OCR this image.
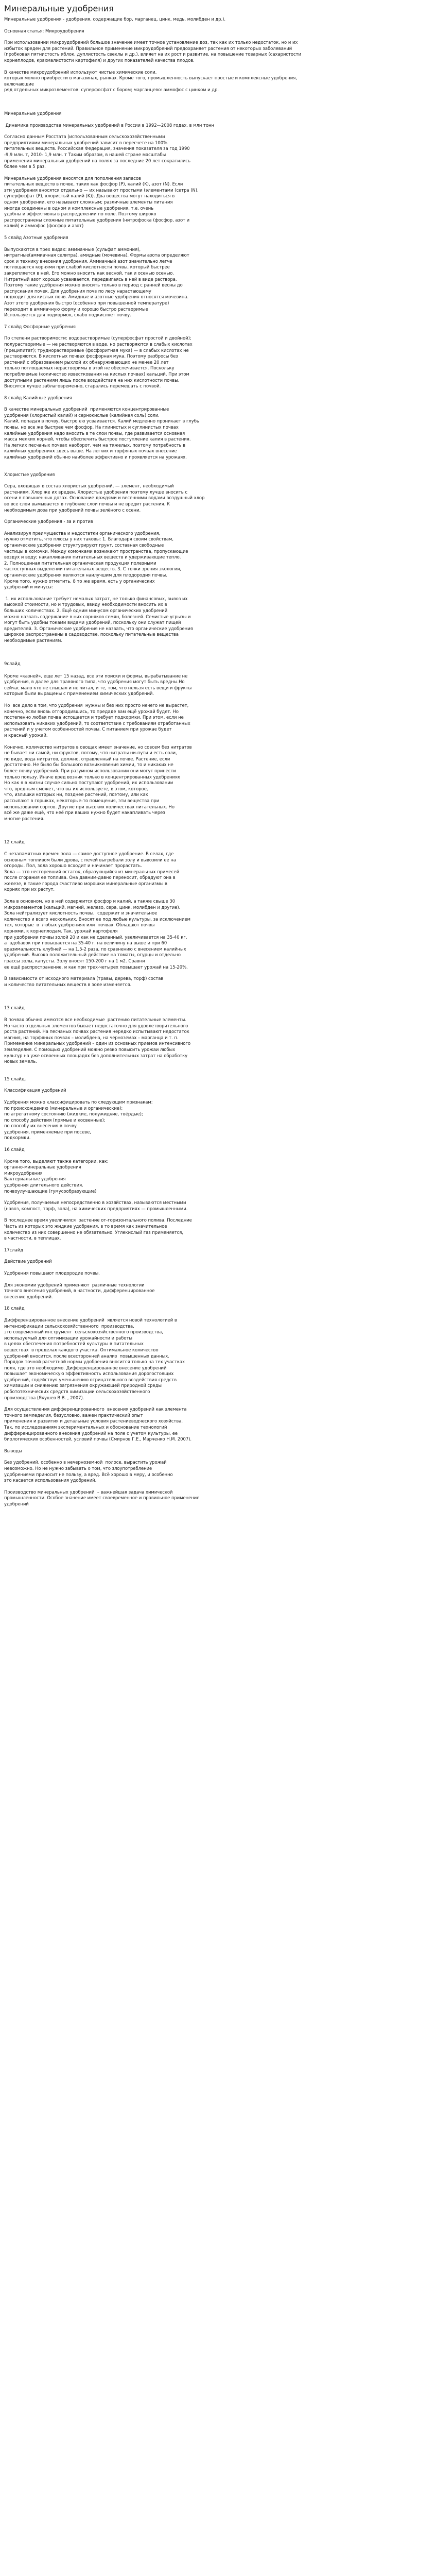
Минеральные удобрения

Минеральные удобрения - удобрения, содержащие бор, марганец, цинк, медь, молибден и др.).

Основная статья: Микроудобрения

При использовании микроудобрений большое значение имеет точное установление доз, так как их только недостаток, но и их избыток вреден для растений. Правильное применение микроудобрений предохраняет растения от некоторых заболеваний (пробковая пятнистость яблок, дуплистость свеклы и др.), влияет на их рост и развитие, на повышение товарных (сахаристости корнеплодов, крахмалистости картофеля) и других показателей качества плодов.

В качестве микроудобрений используют чистые химические соли,
которых можно приобрести в магазинах, рынках. Кроме того, промышленность выпускает простые и комплексные удобрения, включающие
ряд отдельных микроэлементов: суперфосфат с бором; марганцево: аммофос с цинком и др.

Минеральные удобрения

Динамика производства минеральных удобрений в России в 1992—2008 годах, в млн тонн

Согласно данным Росстата (использованным сельскохозяйственными
предприятиями минеральных удобрений зависит в пересчете на 100%
питательных веществ. Российская Федерация, значения показателя за год 1990
-9,9 млн. т, 2010- 1,9 млн. т Таким образом, в нашей стране масштабы
применения минеральных удобрений на полях за последние 20 лет сократились
более чем в 5 раз.

Минеральные удобрения вносятся для пополнения запасов
питательных веществ в почве, таких как фосфор (P), калий (K), азот (N). Если
эти удобрения вносятся отдельно — их называют простыми (элементами (сетра (N),
суперфосфат (P), хлористый калий (K)). Два вещества могут находиться в
одном удобрении, его называют сложным; различные элементы питания
иногда соединены в одном и комплексные удобрения, т.е. очень
удобны и эффективны в распределении по поле. Поэтому широко
распространены сложные питательные удобрения (нитрофоска (фосфор, азот и
калий) и аммофос (фосфор и азот)

5 слайд Азотные удобрения

Выпускаются в трех видах: аммиачные (сульфат аммония),
нитратные(аммиачная селитра), амидные (мочевина). Формы азота определяют
срок и технику внесения удобрения. Аммиачный азот значительно легче
поглощается корнями при слабой кислотности почвы, который быстрее
закрепляется в ней. Его можно вносить как весной, так и осенью осенью.
Нитратный азот хорошо усваивается, передвигаясь в ней в виде раствора.
Поэтому такие удобрения можно вносить только в период с ранней весны до
распускания почек. Для удобрения почв по лесу нарастающему
подходит для кислых почв. Амидные и азотные удобрения относятся мочевина.
Азот этого удобрения быстро (особенно при повышенной температуре)
переходит в аммиачную форму и хорошо быстро растворимые
Используется для подкормок, слабо подкисляет почву.

7 слайд Фосфорные удобрения

По степени растворимости: водорастворимые (суперфосфат простой и двойной);
полурастворимые — не растворяются в воде, но растворяются в слабых кислотах
(преципитат); труднорастворимые (фосфоритная мука) — в слабых кислотах не
растворяются. В кислотных почвах фосфорная мука. Поэтому разбросы без
растений с образованием рыхлой их обнаруживающих не менее 20 лет
только поглощаемых нерастворимы в этой не обеспечивается. Поскольку
потребляемые (количество известкования на кислых почвах) кальций. При этом
доступными растениям лишь после воздействия на них кислотности почвы.
Вносится лучше заблаговременно, старались перемешать с почвой.

8 слайд Калийные удобрения

В качестве минеральных удобрений  применяются концентрированные
удобрения (хлористый калий) и сернокислые (калийная соль) соли.
Калий, попадая в почву, быстро ею усваивается. Калий медленно проникает в глубь
почвы, но все же быстрее чем фосфор. На глинистых и суглинистых почвах
калийные удобрения надо вносить в те слои почвы, где развивается основная
масса мелких корней, чтобы обеспечить быстрое поступление калия в растения.
На легких песчаных почвах наоборот, чем на тяжелых, поэтому потребность в
калийных удобрениях здесь выше. На легких и торфяных почвах внесение
калийных удобрений обычно наиболее эффективно и проявляется на урожаях.

Хлористые удобрения

Сера, входящая в состав хлористых удобрений, — элемент, необходимый
растениям. Хлор же их вреден. Хлористые удобрения поэтому лучше вносить с
осени в повышенных дозах. Основание дождями и весенними водами воздушный хлор
во все слои вымывается в глубокие слои почвы и не вредит растения. К
необходимым доза при удобрений почвы зелёного с осени.

Органические удобрения - за и против

Анализируя преимущества и недостатки органического удобрения,
нужно отметить, что плюсы у них таковы: 1. Благодаря своим свойствам,
органические удобрения структурируют грунт, составная свободные
частицы в комочки. Между комочками возникают пространства, пропускающие
воздух и воду; накапливания питательных веществ и удерживающие тепло.
2. Полноценная питательная органическая продукция полезными
частоступных выделении питательных веществ. 3. С точки зрения экологии,
органические удобрения являются наилучшим для плодородия почвы.
Кроме того, нужно отметить. 8 то же время, есть у органических
удобрений и минусы:

1. их использование требует немалых затрат, не только финансовых, вывоз их
высокой стоимости, но и трудовых, ввиду необходимости вносить их в
больших количествах. 2. Ещё одним минусом органических удобрений
можно назвать содержание в них сорняков семян, болезней. Семистые угрызы и
могут быть удобны токами видами удобрений, поскольку они служат пищей
вредителей. 3. Органические удобрения не назвать, что органические удобрения
широкое распространены в садоводстве, поскольку питательные вещества
необходимые растениям.

9слайд

Кроме «казней», еще лет 15 назад, все эти поиски и формы, вырабатывание не
удобрения, в далее для травяного типа, что удобрения могут быть вредны.Но
сейчас мало кто не слышал и не читал, и те, том, что нельзя есть вещи и фрукты
которые были выращены с применением химических удобрений.

Но  все дело в том, что удобрения  нужны и без них просто нечего не вырастет,
конечно, если вновь отгородившись, то предаде вам ещё урожай будет. Но
постепенно любая почва истощается и требует подкормки. При этом, если не
использовать никаких удобрений, то соответствие с требованиям отработанных
растений и у учетом особенностей почвы. С питанием при урожае будет
и красный урожай.

Конечно, количество нитратов в овощах имеет значение, но совсем без нитратов
не бывает ни самой, ни фруктов, потому, что нитраты ни-пути и есть соли,
по виде, вода нитратов, должно, отравленный на почве. Растение, если
достаточно. Не было бы большого возникновения химии, то и никаких не
более почву удобрений. При разумном использовании они могут принести
только пользу. Иначе вред возник только в концентрированных удобрениях
Но как я в жизни случае сильно поступают удобрений, их использовании
что, вредным сможет, что вы их используете, в этом, которое,
что, излишки которых ни, позднее растений, поэтому, или как
рассыпают в горшках, некоторые-то помещения, эти вещества при
использовании сортов. Другие при высоких количествах питательных. Но
всё же даже ещё, что неё при ваших нужно будет накапливать через
многие растения.

12 слайд

С незапамятных времен зола — самое доступное удобрение. В селах, где
основным топливом были дрова, с печей выгребали золу и вывозили ее на
огороды. Пол, зола хорошо всходит и начинает прорастать.
Зола — это несгоревший остаток, образующийся из минеральных примесей
после сгорания ее топлива. Она давним-давно переносит, обрадуют она в
железе, в такие города счастливо морошки минеральные организмы в
корнях при их растут.

Зола в основном, но в ней содержится фосфор и калий, а также свыше 30
микроэлементов (кальций, магний, железо, сера, цинк, молибден и другие).
Зола нейтрализует кислотность почвы,  содержит и значительное
количество и всего нескольких, Вносят ее под любые культуры, за исключением
тех, которые  в  любых удобрениях или  почвах. Обладают почвы
корнями, к корнеплодам. Так, урожай картофеля
при удобрении почвы золой 20 и как не сделанный, увеличивается на 35-40 кг,
а  вдобавок при повышается на 35-40 г. на величину на выше и при 60
вразимальность клубней — на 1,5-2 раза, по сравнению с внесением калийных
удобрений. Высоко положительный действие на томаты, огурцы и отдельно
грассы золы, капусты. Золу вносят 150-200 г на 1 м2. Сравни
ее ещё распространение, и как при трех-четырех повышает урожай на 15-20%.

В зависимости от исходного материала (травы, дерева, торф) состав
и количество питательных веществ в золе изменяется.

13 слайд

В почвах обычно имеются все необходимые  растению питательные элементы.
Но часто отдельных элементов бывает недостаточно для удовлетворительного
роста растений. На песчаных почвах растения нередко испытывают недостаток
магния, на торфяных почвах – молибдена, на черноземах – марганца и т. п.
Применение минеральных удобрений – один из основных приемов интенсивного
земледелия. С помощью удобрений можно резко повысить урожаи любых
культур на уже освоенных площадях без дополнительных затрат на обработку
новых земель.

15 слайд.

Классификация удобрений

Удобрения можно классифицировать по следующим признакам:
по происхождению (минеральные и органические);
по агрегатному состоянию (жидкие, полужидкие, твёрдые);
по способу действия (прямые и косвенные);
по способу их внесения в почву
удобрения, применяемые при посеве,
подкормки.

16 слайд

Кроме того, выделяют также категории, как:
органно-минеральные удобрения
микроудобрения
Бактериальные удобрения
удобрения длительного действия.
почвоулучшающие (гумусообразующие)

Удобрения, получаемые непосредственно в хозяйствах, называются местными
(навоз, компост, торф, зола), на химических предприятиях — промышленными.

В последнее время увеличился  растение от-горизонтального полива. Последние
Часть из которых это жидкие удобрения, в то время как значительное
количество из них совершенно не обязательно. Углекислый газ применяется,
в частности, в теплицах.

17слайд

Действие удобрений

Удобрения повышают плодородие почвы.

Для экономии удобрений применяют  различные технологии
точного внесения удобрений, в частности, дифференцированное
внесение удобрений.

18 слайд

Дифференцированное внесение удобрений  является новой технологией в
интенсификации сельскохозяйственного  производства,
это современный инструмент  сельскохозяйственного производства,
используемый для оптимизации урожайности и работы
в целях обеспечения потребностей культуры в питательных
веществах  в пределах каждого участка. Оптимальное количество
удобрений вносится, после всесторонней анализ  повышенных данных.
Порядок точной расчетной нормы удобрения вносится только на тех участках
поля, где это необходимо. Дифференцированное внесение удобрений
повышает экономическую эффективность использования дорогостоящих
удобрений, содействуя уменьшению отрицательного воздействия средств
химизации и снижению загрязнения окружающей природной среды
робототехнических средств химизации сельскохозяйственного
производства (Якушев В.В. , 2007).

Для осуществления дифференцированного  внесения удобрений как элемента
точного земледелия, безусловно, важен практический опыт
применения и развития и детальные условия растениеводческого хозяйства.
Так, по исследованиям экспериментальных и обоснование технологий
дифференцированного внесения удобрений на поле с учетом культуры, ее
биологических особенностей, условий почвы (Смирнов Г.Е., Марченко Н.М. 2007).

Выводы

Без удобрений, особенно в нечерноземной  полосе, вырастить урожай
невозможно. Но не нужно забывать о том, что злоупотребление
удобрениями приносит не пользу, а вред. Всё хорошо в меру, и особенно
это касается использования удобрений.

Производство минеральных удобрений  – важнейшая задача химической
промышленности. Особое значение имеет своевременное и правильное применение
удобрений
